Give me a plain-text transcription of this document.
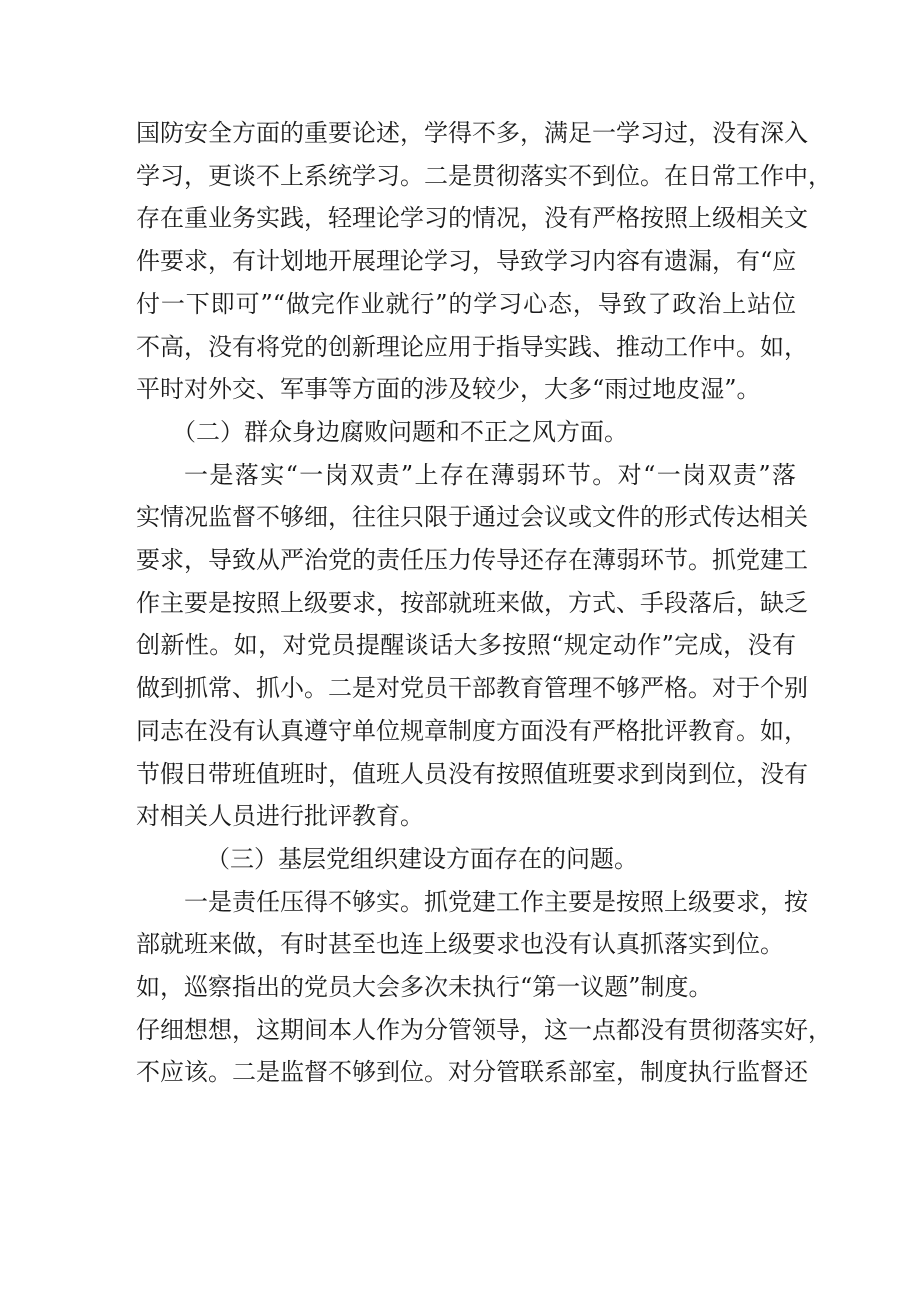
国防安全方面的重要论述，学得不多，满足一学习过，没有深入
学习，更谈不上系统学习。二是贯彻落实不到位。在日常工作中，
存在重业务实践，轻理论学习的情况，没有严格按照上级相关文
件要求，有计划地开展理论学习，导致学习内容有遗漏，有“应
付一下即可”“做完作业就行”的学习心态，导致了政治上站位
不高，没有将党的创新理论应用于指导实践、推动工作中。如，
平时对外交、军事等方面的涉及较少，大多“雨过地皮湿”。
（二）群众身边腐败问题和不正之风方面。
一是落实“一岗双责”上存在薄弱环节。对“一岗双责”落
实情况监督不够细，往往只限于通过会议或文件的形式传达相关
要求，导致从严治党的责任压力传导还存在薄弱环节。抓党建工
作主要是按照上级要求，按部就班来做，方式、手段落后，缺乏
创新性。如，对党员提醒谈话大多按照“规定动作”完成，没有
做到抓常、抓小。二是对党员干部教育管理不够严格。对于个别
同志在没有认真遵守单位规章制度方面没有严格批评教育。如，
节假日带班值班时，值班人员没有按照值班要求到岗到位，没有
对相关人员进行批评教育。
（三）基层党组织建设方面存在的问题。
一是责任压得不够实。抓党建工作主要是按照上级要求，按
部就班来做，有时甚至也连上级要求也没有认真抓落实到位。
如，巡察指出的党员大会多次未执行“第一议题”制度。
仔细想想，这期间本人作为分管领导，这一点都没有贯彻落实好，
不应该。二是监督不够到位。对分管联系部室，制度执行监督还
